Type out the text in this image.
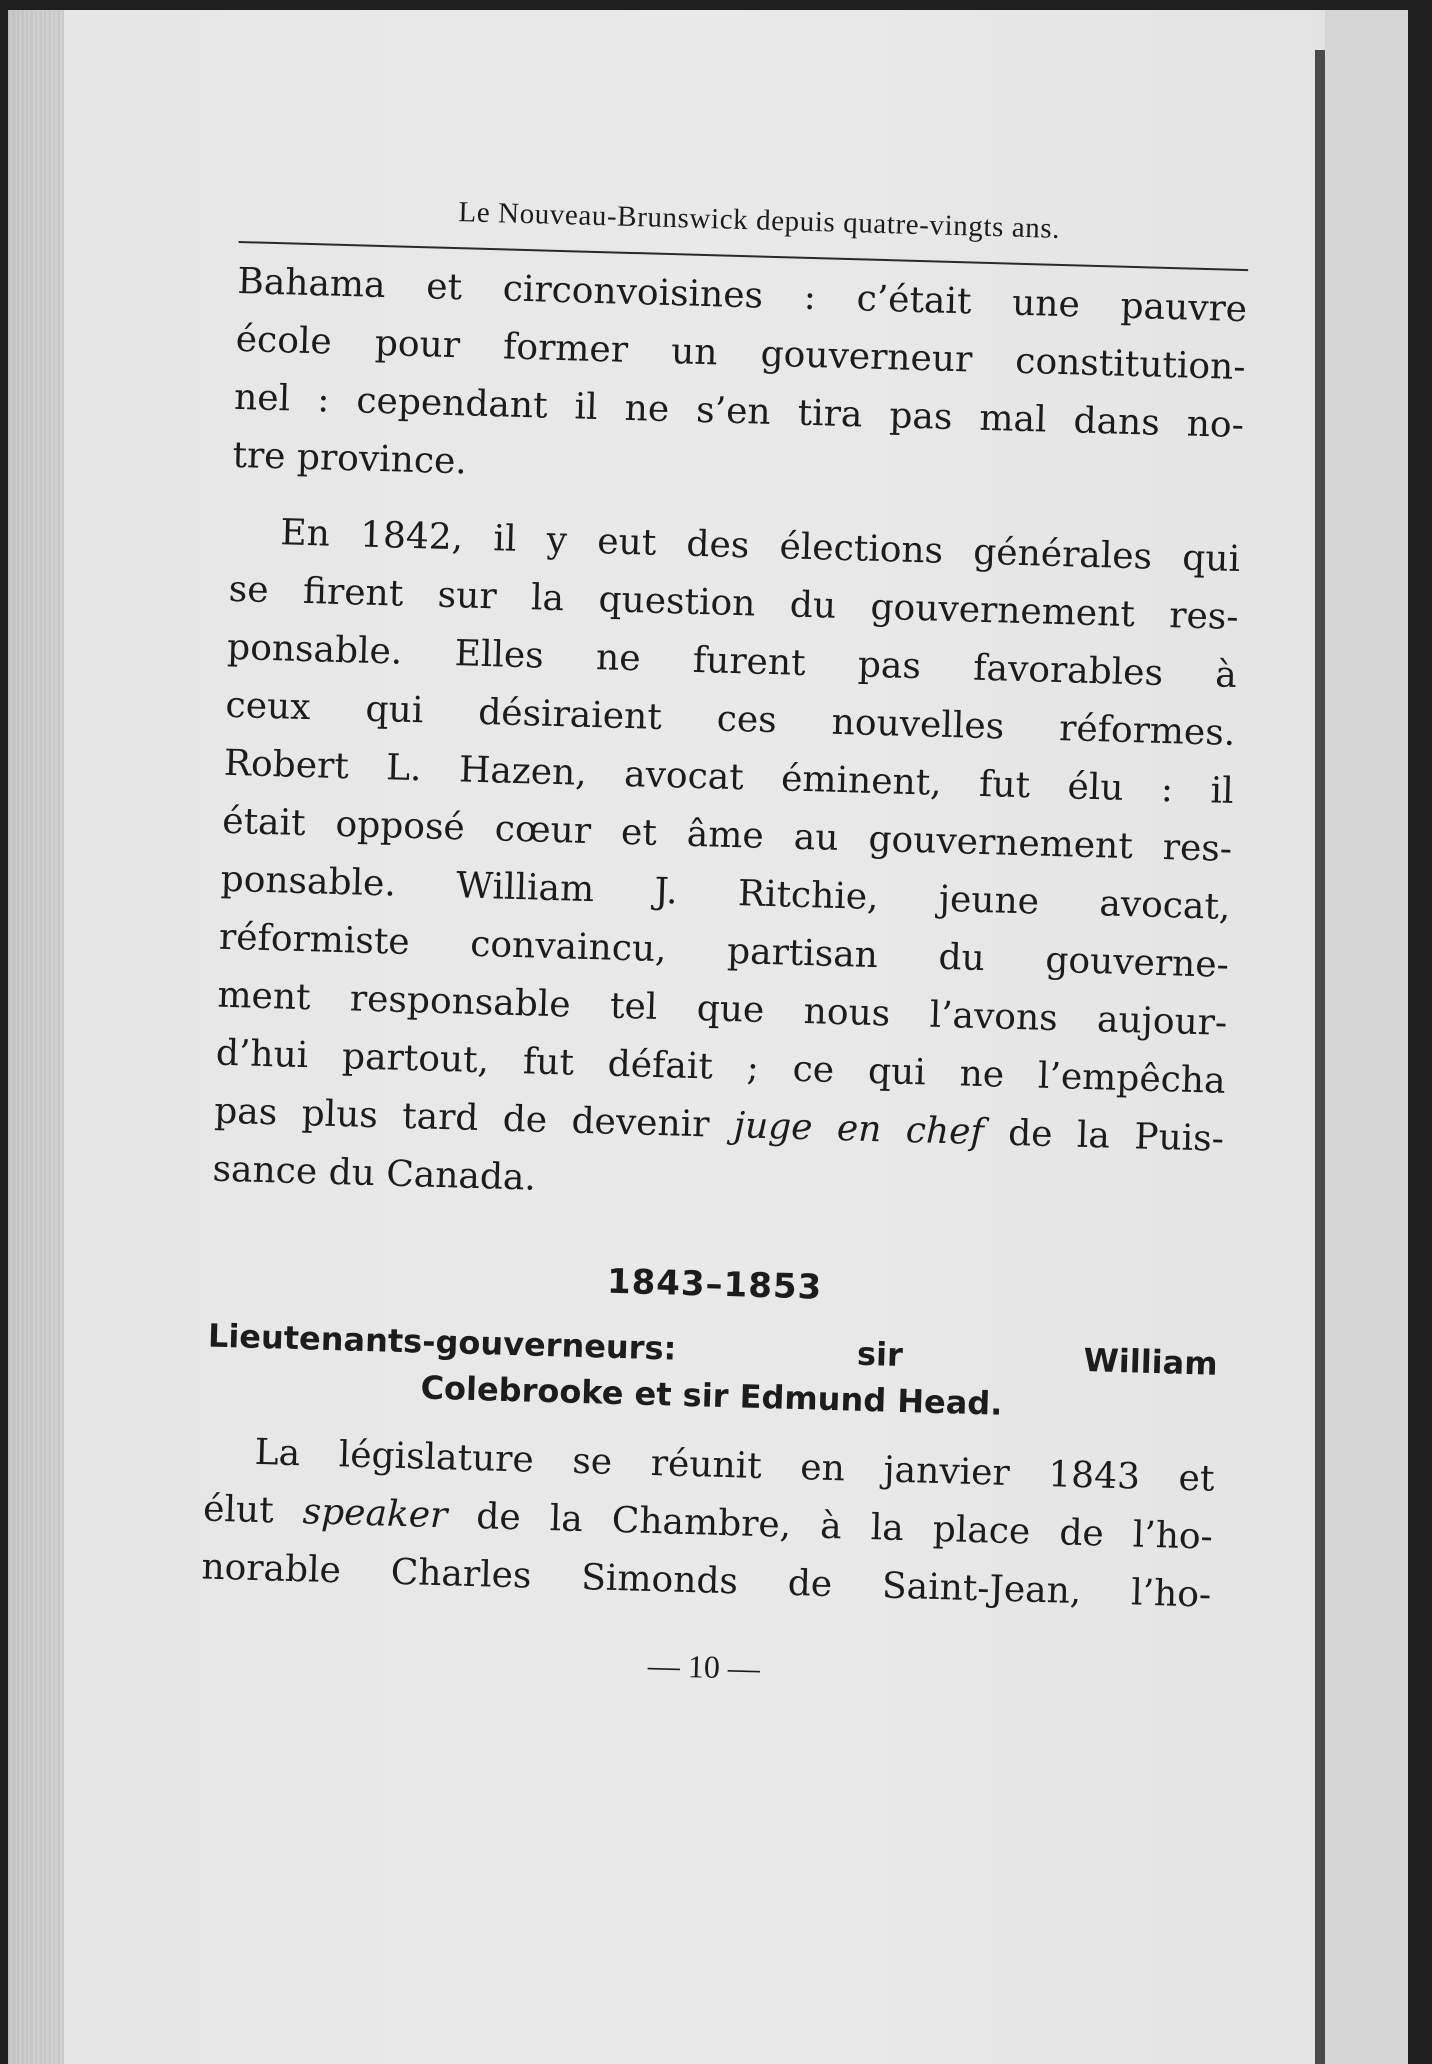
Le Nouveau-Brunswick depuis quatre-vingts ans.
Bahama et circonvoisines : c’était une pauvre
école pour former un gouverneur constitution-
nel : cependant il ne s’en tira pas mal dans no-
tre province.
En 1842, il y eut des élections générales qui
se firent sur la question du gouvernement res-
ponsable. Elles ne furent pas favorables à
ceux qui désiraient ces nouvelles réformes.
Robert L. Hazen, avocat éminent, fut élu : il
était opposé cœur et âme au gouvernement res-
ponsable. William J. Ritchie, jeune avocat,
réformiste convaincu, partisan du gouverne-
ment responsable tel que nous l’avons aujour-
d’hui partout, fut défait ; ce qui ne l’empêcha
pas plus tard de devenir juge en chef de la Puis-
sance du Canada.
1843–1853
Lieutenants-gouverneurs: sir William
Colebrooke et sir Edmund Head.
La législature se réunit en janvier 1843 et
élut speaker de la Chambre, à la place de l’ho-
norable Charles Simonds de Saint-Jean, l’ho-
— 10 —
